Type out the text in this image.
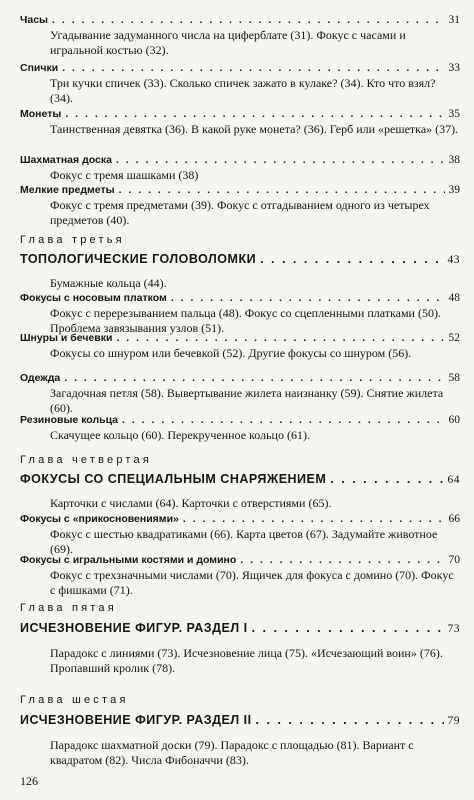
Часы . . .	31
Угадывание задуманного числа на циферблате (31). Фокус с часами и игральной костью (32).
Спички . . .	33
Три кучки спичек (33). Сколько спичек зажато в кулаке? (34). Кто что взял? (34).
Монеты . . .	35
Таинственная девятка (36). В какой руке монета? (36). Герб или «решетка» (37).
Шахматная доска . . .	38
Фокус с тремя шашками (38)
Мелкие предметы . . .	39
Фокус с тремя предметами (39). Фокус с отгадыванием одного из четырех предметов (40).
Глава третья
ТОПОЛОГИЧЕСКИЕ ГОЛОВОЛОМКИ . . .	43
Бумажные кольца (44).
Фокусы с носовым платком . . .	48
Фокус с перерезыванием пальца (48). Фокус со сцепленными платками (50). Проблема завязывания узлов (51).
Шнуры и бечевки . . .	52
Фокусы со шнуром или бечевкой (52). Другие фокусы со шнуром (56).
Одежда . . .	58
Загадочная петля (58). Вывертывание жилета наизнанку (59). Снятие жилета (60).
Резиновые кольца . . .	60
Скачущее кольцо (60). Перекрученное кольцо (61).
Глава четвертая
ФОКУСЫ СО СПЕЦИАЛЬНЫМ СНАРЯЖЕНИЕМ . . .	64
Карточки с числами (64). Карточки с отверстиями (65).
Фокусы с «прикосновениями» . . .	66
Фокус с шестью квадратиками (66). Карта цветов (67). Задумайте животное (69).
Фокусы с игральными костями и домино . . .	70
Фокус с трехзначными числами (70). Ящичек для фокуса с домино (70). Фокус с фишками (71).
Глава пятая
ИСЧЕЗНОВЕНИЕ ФИГУР. РАЗДЕЛ I . . .	73
Парадокс с линиями (73). Исчезновение лица (75). «Исчезающий воин» (76). Пропавший кролик (78).
Глава шестая
ИСЧЕЗНОВЕНИЕ ФИГУР. РАЗДЕЛ II . . .	79
Парадокс шахматной доски (79). Парадокс с площадью (81). Вариант с квадратом (82). Числа Фибоначчи (83).
126
